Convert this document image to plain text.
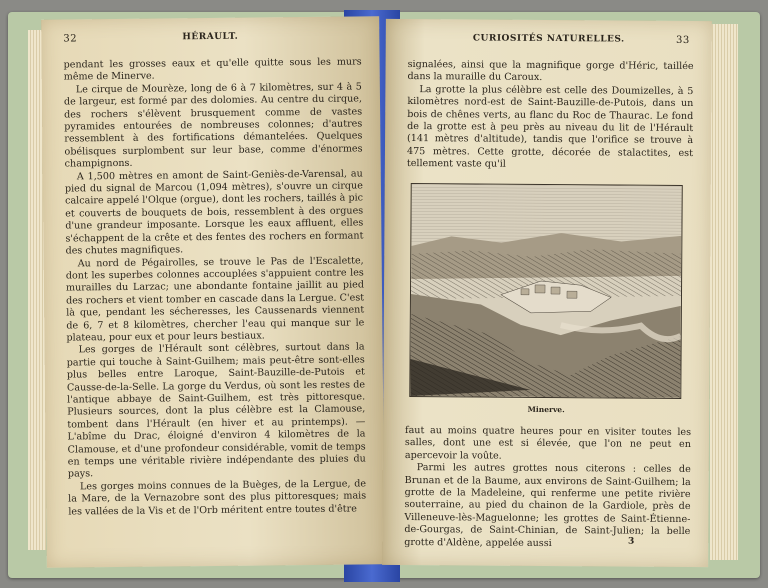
32	HÉRAULT.

pendant les grosses eaux et qu'elle quitte sous les murs même de Minerve.

Le cirque de Mourèze, long de 6 à 7 kilomètres, sur 4 à 5 de largeur, est formé par des dolomies. Au centre du cirque, des rochers s'élèvent brusquement comme de vastes pyramides entourées de nombreuses colonnes; d'autres ressemblent à des fortifications démantelées. Quelques obélisques surplombent sur leur base, comme d'énormes champignons.

A 1,500 mètres en amont de Saint-Geniès-de-Varensal, au pied du signal de Marcou (1,094 mètres), s'ouvre un cirque calcaire appelé l'Olque (orgue), dont les rochers, taillés à pic et couverts de bouquets de bois, ressemblent à des orgues d'une grandeur imposante. Lorsque les eaux affluent, elles s'échappent de la crête et des fentes des rochers en formant des chutes magnifiques.

Au nord de Pégairolles, se trouve le Pas de l'Escalette, dont les superbes colonnes accouplées s'appuient contre les murailles du Larzac; une abondante fontaine jaillit au pied des rochers et vient tomber en cascade dans la Lergue. C'est là que, pendant les sécheresses, les Caussenards viennent de 6, 7 et 8 kilomètres, chercher l'eau qui manque sur le plateau, pour eux et pour leurs bestiaux.

Les gorges de l'Hérault sont célèbres, surtout dans la partie qui touche à Saint-Guilhem; mais peut-être sont-elles plus belles entre Laroque, Saint-Bauzille-de-Putois et Causse-de-la-Selle. La gorge du Verdus, où sont les restes de l'antique abbaye de Saint-Guilhem, est très pittoresque. Plusieurs sources, dont la plus célèbre est la Clamouse, tombent dans l'Hérault (en hiver et au printemps). — L'abîme du Drac, éloigné d'environ 4 kilomètres de la Clamouse, et d'une profondeur considérable, vomit de temps en temps une véritable rivière indépendante des pluies du pays.

Les gorges moins connues de la Buèges, de la Lergue, de la Mare, de la Vernazobre sont des plus pittoresques; mais les vallées de la Vis et de l'Orb méritent entre toutes d'être

CURIOSITÉS NATURELLES.	33

signalées, ainsi que la magnifique gorge d'Héric, taillée dans la muraille du Caroux.

La grotte la plus célèbre est celle des Doumizelles, à 5 kilomètres nord-est de Saint-Bauzille-de-Putois, dans un bois de chênes verts, au flanc du Roc de Thaurac. Le fond de la grotte est à peu près au niveau du lit de l'Hérault (141 mètres d'altitude), tandis que l'orifice se trouve à 475 mètres. Cette grotte, décorée de stalactites, est tellement vaste qu'il

Minerve.

faut au moins quatre heures pour en visiter toutes les salles, dont une est si élevée, que l'on ne peut en apercevoir la voûte.

Parmi les autres grottes nous citerons : celles de Brunan et de la Baume, aux environs de Saint-Guilhem; la grotte de la Madeleine, qui renferme une petite rivière souterraine, au pied du chainon de la Gardiole, près de Villeneuve-lès-Maguelonne; les grottes de Saint-Étienne-de-Gourgas, de Saint-Chinian, de Saint-Julien; la belle grotte d'Aldène, appelée aussi	3
